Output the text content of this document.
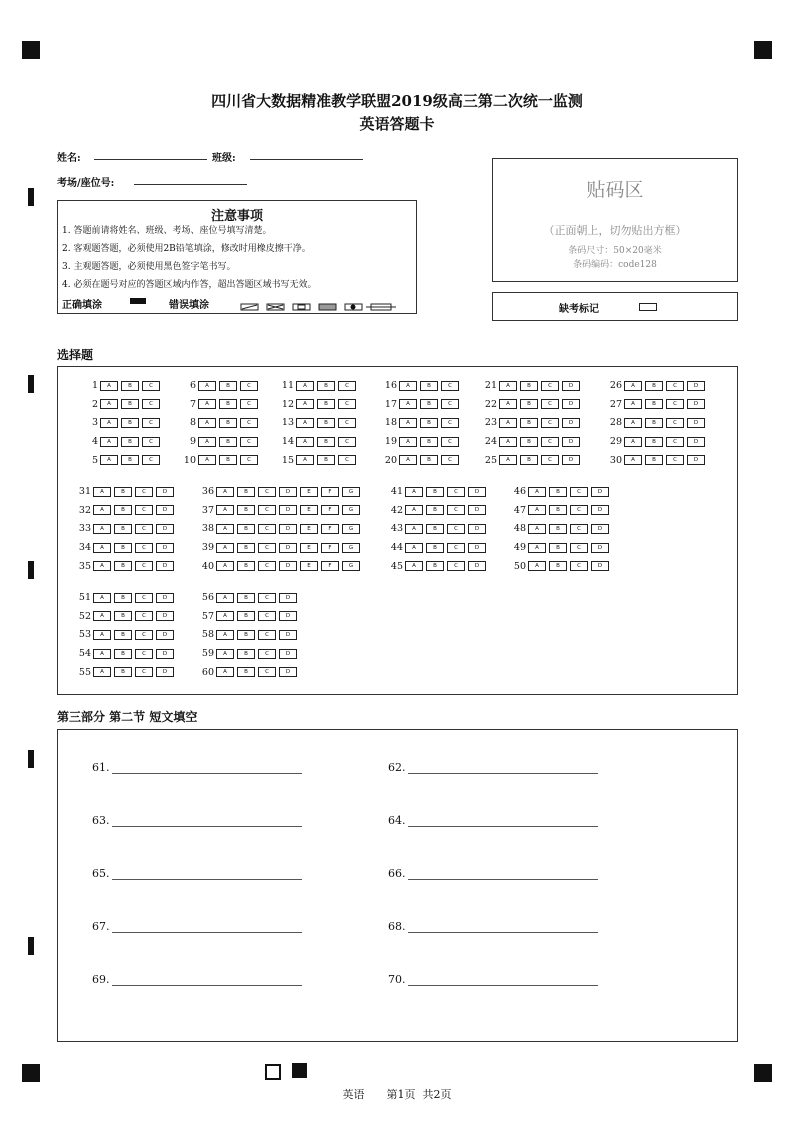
四川省大数据精准教学联盟2019级高三第二次统一监测
英语答题卡
姓名:	班级:
考场/座位号:
注意事项
1. 答题前请将姓名、班级、考场、座位号填写清楚。
2. 客观题答题，必须使用2B铅笔填涂，修改时用橡皮擦干净。
3. 主观题答题，必须使用黑色签字笔书写。
4. 必须在题号对应的答题区域内作答，超出答题区域书写无效。
正确填涂	错误填涂
贴码区
（正面朝上，切勿贴出方框）
条码尺寸：50×20毫米
条码编码：code128
缺考标记
选择题
1	A	B	C
2	A	B	C
3	A	B	C
4	A	B	C
5	A	B	C
6	A	B	C
7	A	B	C
8	A	B	C
9	A	B	C
10	A	B	C
11	A	B	C
12	A	B	C
13	A	B	C
14	A	B	C
15	A	B	C
16	A	B	C
17	A	B	C
18	A	B	C
19	A	B	C
20	A	B	C
21	A	B	C	D
22	A	B	C	D
23	A	B	C	D
24	A	B	C	D
25	A	B	C	D
26	A	B	C	D
27	A	B	C	D
28	A	B	C	D
29	A	B	C	D
30	A	B	C	D
31	A	B	C	D
32	A	B	C	D
33	A	B	C	D
34	A	B	C	D
35	A	B	C	D
36	A	B	C	D	E	F	G
37	A	B	C	D	E	F	G
38	A	B	C	D	E	F	G
39	A	B	C	D	E	F	G
40	A	B	C	D	E	F	G
41	A	B	C	D
42	A	B	C	D
43	A	B	C	D
44	A	B	C	D
45	A	B	C	D
46	A	B	C	D
47	A	B	C	D
48	A	B	C	D
49	A	B	C	D
50	A	B	C	D
51	A	B	C	D
52	A	B	C	D
53	A	B	C	D
54	A	B	C	D
55	A	B	C	D
56	A	B	C	D
57	A	B	C	D
58	A	B	C	D
59	A	B	C	D
60	A	B	C	D
第三部分 第二节 短文填空
61.	62.
63.	64.
65.	66.
67.	68.
69.	70.
英语　　第1页  共2页
